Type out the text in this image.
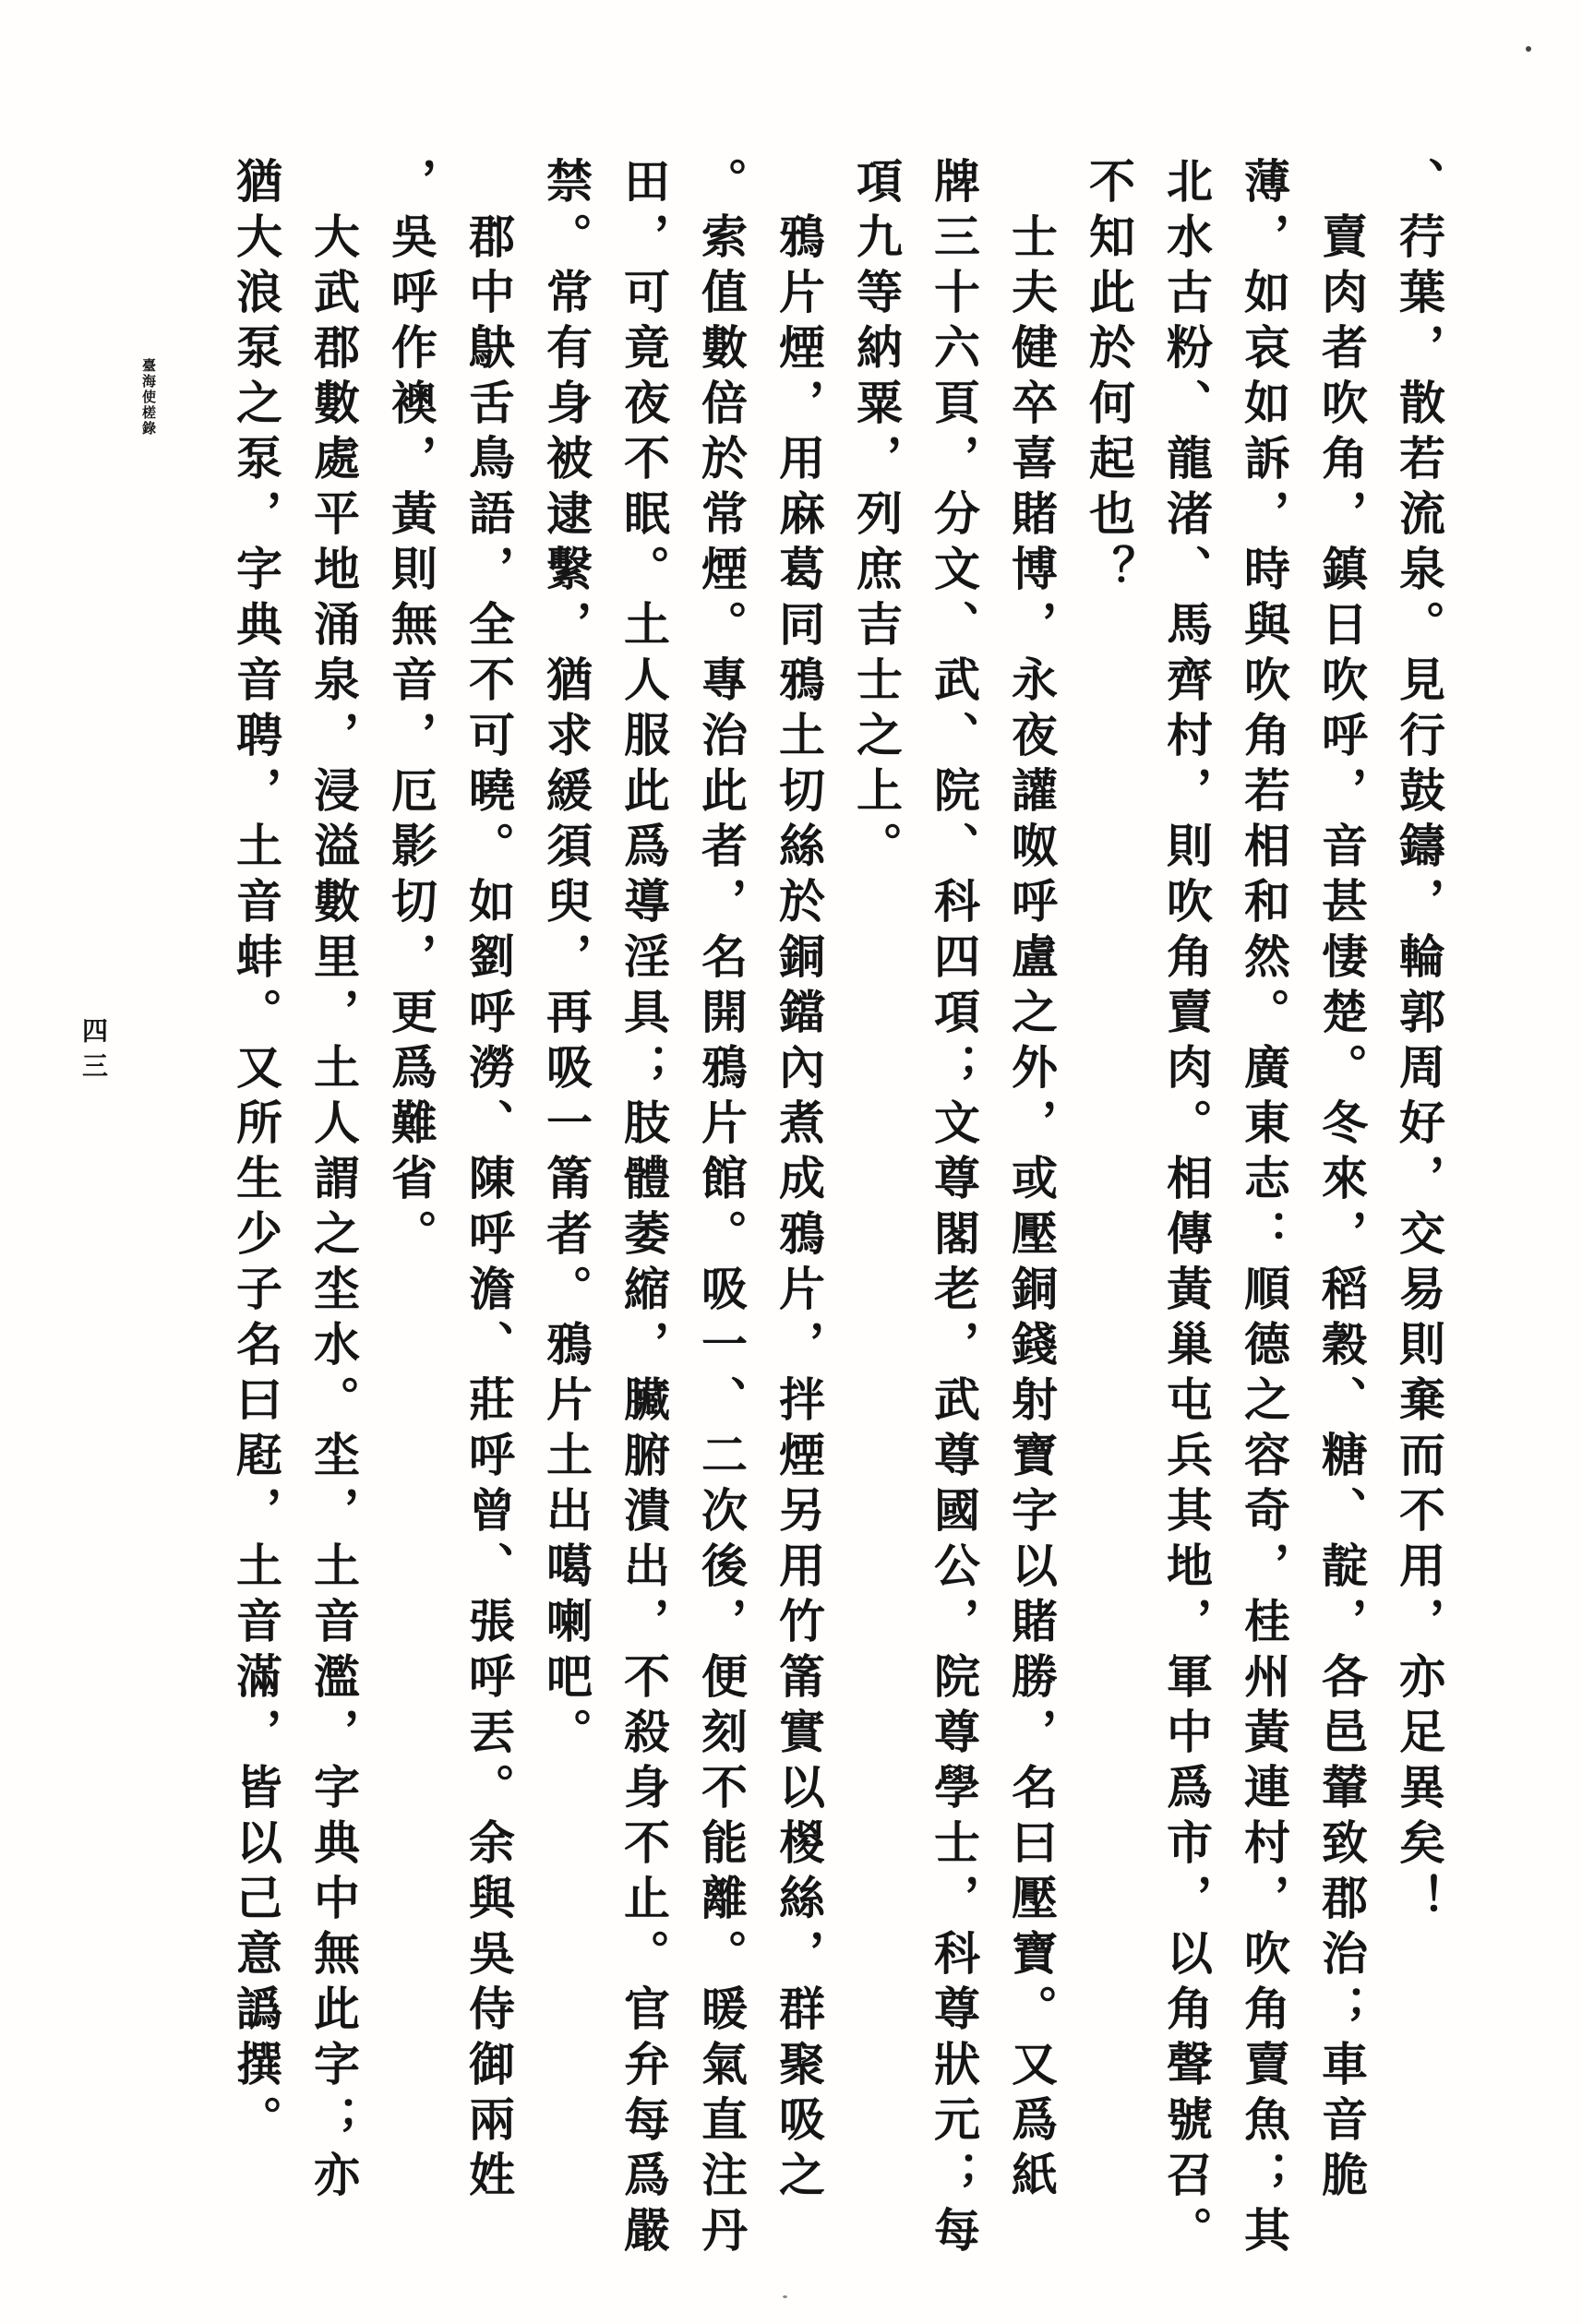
臺海使槎錄	、荇葉，散若流泉。見行鼓鑄，輪郭周好，交易則棄而不用，亦足異矣！
賣肉者吹角，鎮日吹呼，音甚悽楚。冬來，稻穀、糖、靛，各邑輦致郡治；車音脆
薄，如哀如訴，時與吹角若相和然。廣東志：順德之容奇，桂州黃連村，吹角賣魚；其
北水古粉、龍渚、馬齊村，則吹角賣肉。相傳黃巢屯兵其地，軍中爲市，以角聲號召。
不知此於何起也？
士夫健卒喜賭博，永夜讙呶呼盧之外，或壓銅錢射寶字以賭勝，名曰壓寶。又爲紙
牌三十六頁，分文、武、院、科四項；文尊閣老，武尊國公，院尊學士，科尊狀元；每
項九等納粟，列庶吉士之上。
鴉片煙，用麻葛同鴉土切絲於銅鐺內煮成鴉片，拌煙另用竹筩實以椶絲，群聚吸之
。索值數倍於常煙。專治此者，名開鴉片館。吸一、二次後，便刻不能離。暖氣直注丹
田，可竟夜不眠。土人服此爲導淫具；肢體萎縮，臟腑潰出，不殺身不止。官弁每爲嚴
禁。常有身被逮繫，猶求緩須臾，再吸一筩者。鴉片土出噶喇吧。
郡中鴃舌鳥語，全不可曉。如劉呼澇、陳呼澹、莊呼曾、張呼丟。余與吳侍御兩姓
，吳呼作襖，黃則無音，厄影切，更爲難省。
大武郡數處平地涌泉，浸溢數里，土人謂之坔水。坔，土音濫，字典中無此字；亦
猶大浪泵之泵，字典音聘，土音蚌。又所生少子名曰屘，土音滿，皆以己意譌撰。
四三
